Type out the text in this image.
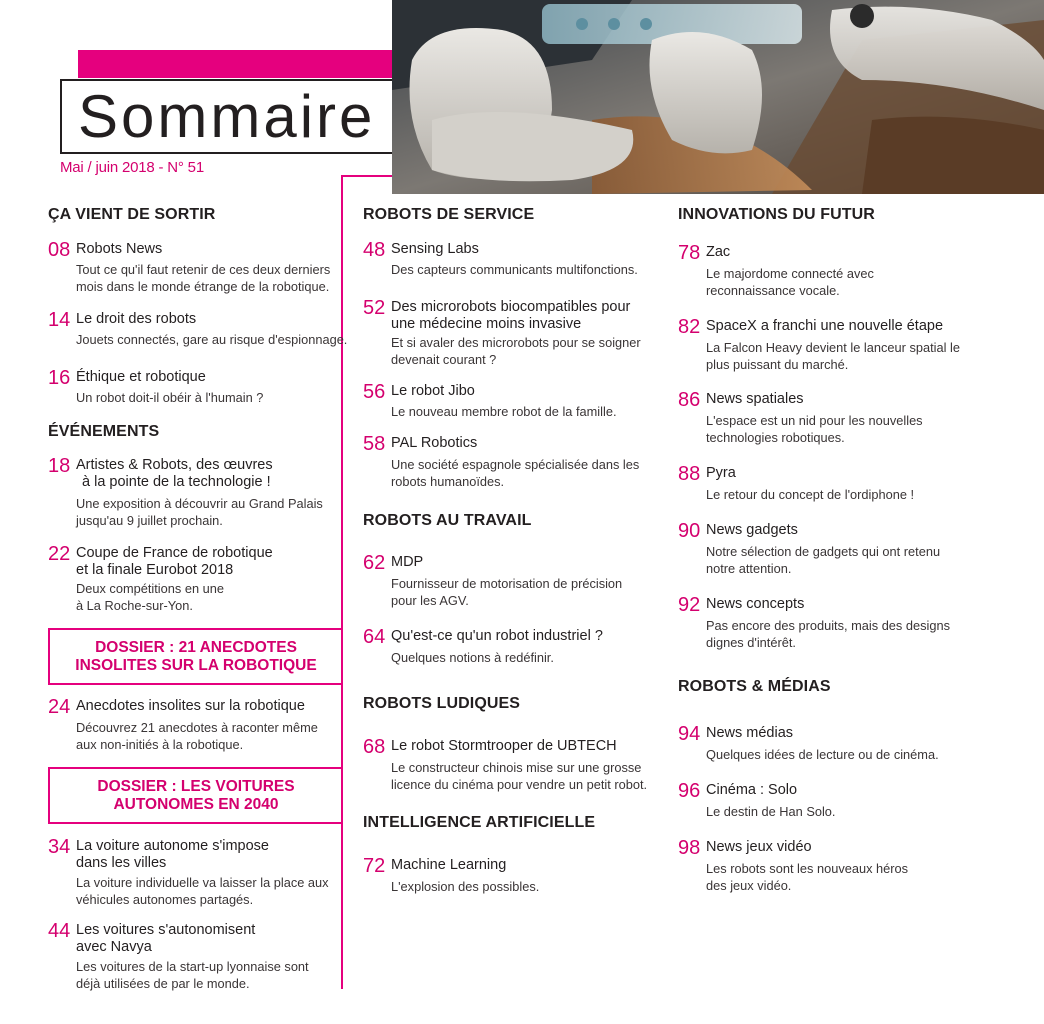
Sommaire
Mai / juin 2018 - N° 51
ÇA VIENT DE SORTIR
08 Robots News
Tout ce qu'il faut retenir de ces deux derniers
mois dans le monde étrange de la robotique.
14 Le droit des robots
Jouets connectés, gare au risque d'espionnage.
16 Éthique et robotique
Un robot doit-il obéir à l'humain ?
ÉVÉNEMENTS
18 Artistes & Robots, des œuvres
à la pointe de la technologie !
Une exposition à découvrir au Grand Palais
jusqu'au 9 juillet prochain.
22 Coupe de France de robotique
et la finale Eurobot 2018
Deux compétitions en une
à La Roche-sur-Yon.
DOSSIER : 21 ANECDOTES
INSOLITES SUR LA ROBOTIQUE
24 Anecdotes insolites sur la robotique
Découvrez 21 anecdotes à raconter même
aux non-initiés à la robotique.
DOSSIER : LES VOITURES
AUTONOMES EN 2040
34 La voiture autonome s'impose
dans les villes
La voiture individuelle va laisser la place aux
véhicules autonomes partagés.
44 Les voitures s'autonomisent
avec Navya
Les voitures de la start-up lyonnaise sont
déjà utilisées de par le monde.
ROBOTS DE SERVICE
48 Sensing Labs
Des capteurs communicants multifonctions.
52 Des microrobots biocompatibles pour
une médecine moins invasive
Et si avaler des microrobots pour se soigner
devenait courant ?
56 Le robot Jibo
Le nouveau membre robot de la famille.
58 PAL Robotics
Une société espagnole spécialisée dans les
robots humanoïdes.
ROBOTS AU TRAVAIL
62 MDP
Fournisseur de motorisation de précision
pour les AGV.
64 Qu'est-ce qu'un robot industriel ?
Quelques notions à redéfinir.
ROBOTS LUDIQUES
68 Le robot Stormtrooper de UBTECH
Le constructeur chinois mise sur une grosse
licence du cinéma pour vendre un petit robot.
INTELLIGENCE ARTIFICIELLE
72 Machine Learning
L'explosion des possibles.
INNOVATIONS DU FUTUR
78 Zac
Le majordome connecté avec
reconnaissance vocale.
82 SpaceX a franchi une nouvelle étape
La Falcon Heavy devient le lanceur spatial le
plus puissant du marché.
86 News spatiales
L'espace est un nid pour les nouvelles
technologies robotiques.
88 Pyra
Le retour du concept de l'ordiphone !
90 News gadgets
Notre sélection de gadgets qui ont retenu
notre attention.
92 News concepts
Pas encore des produits, mais des designs
dignes d'intérêt.
ROBOTS & MÉDIAS
94 News médias
Quelques idées de lecture ou de cinéma.
96 Cinéma : Solo
Le destin de Han Solo.
98 News jeux vidéo
Les robots sont les nouveaux héros
des jeux vidéo.
